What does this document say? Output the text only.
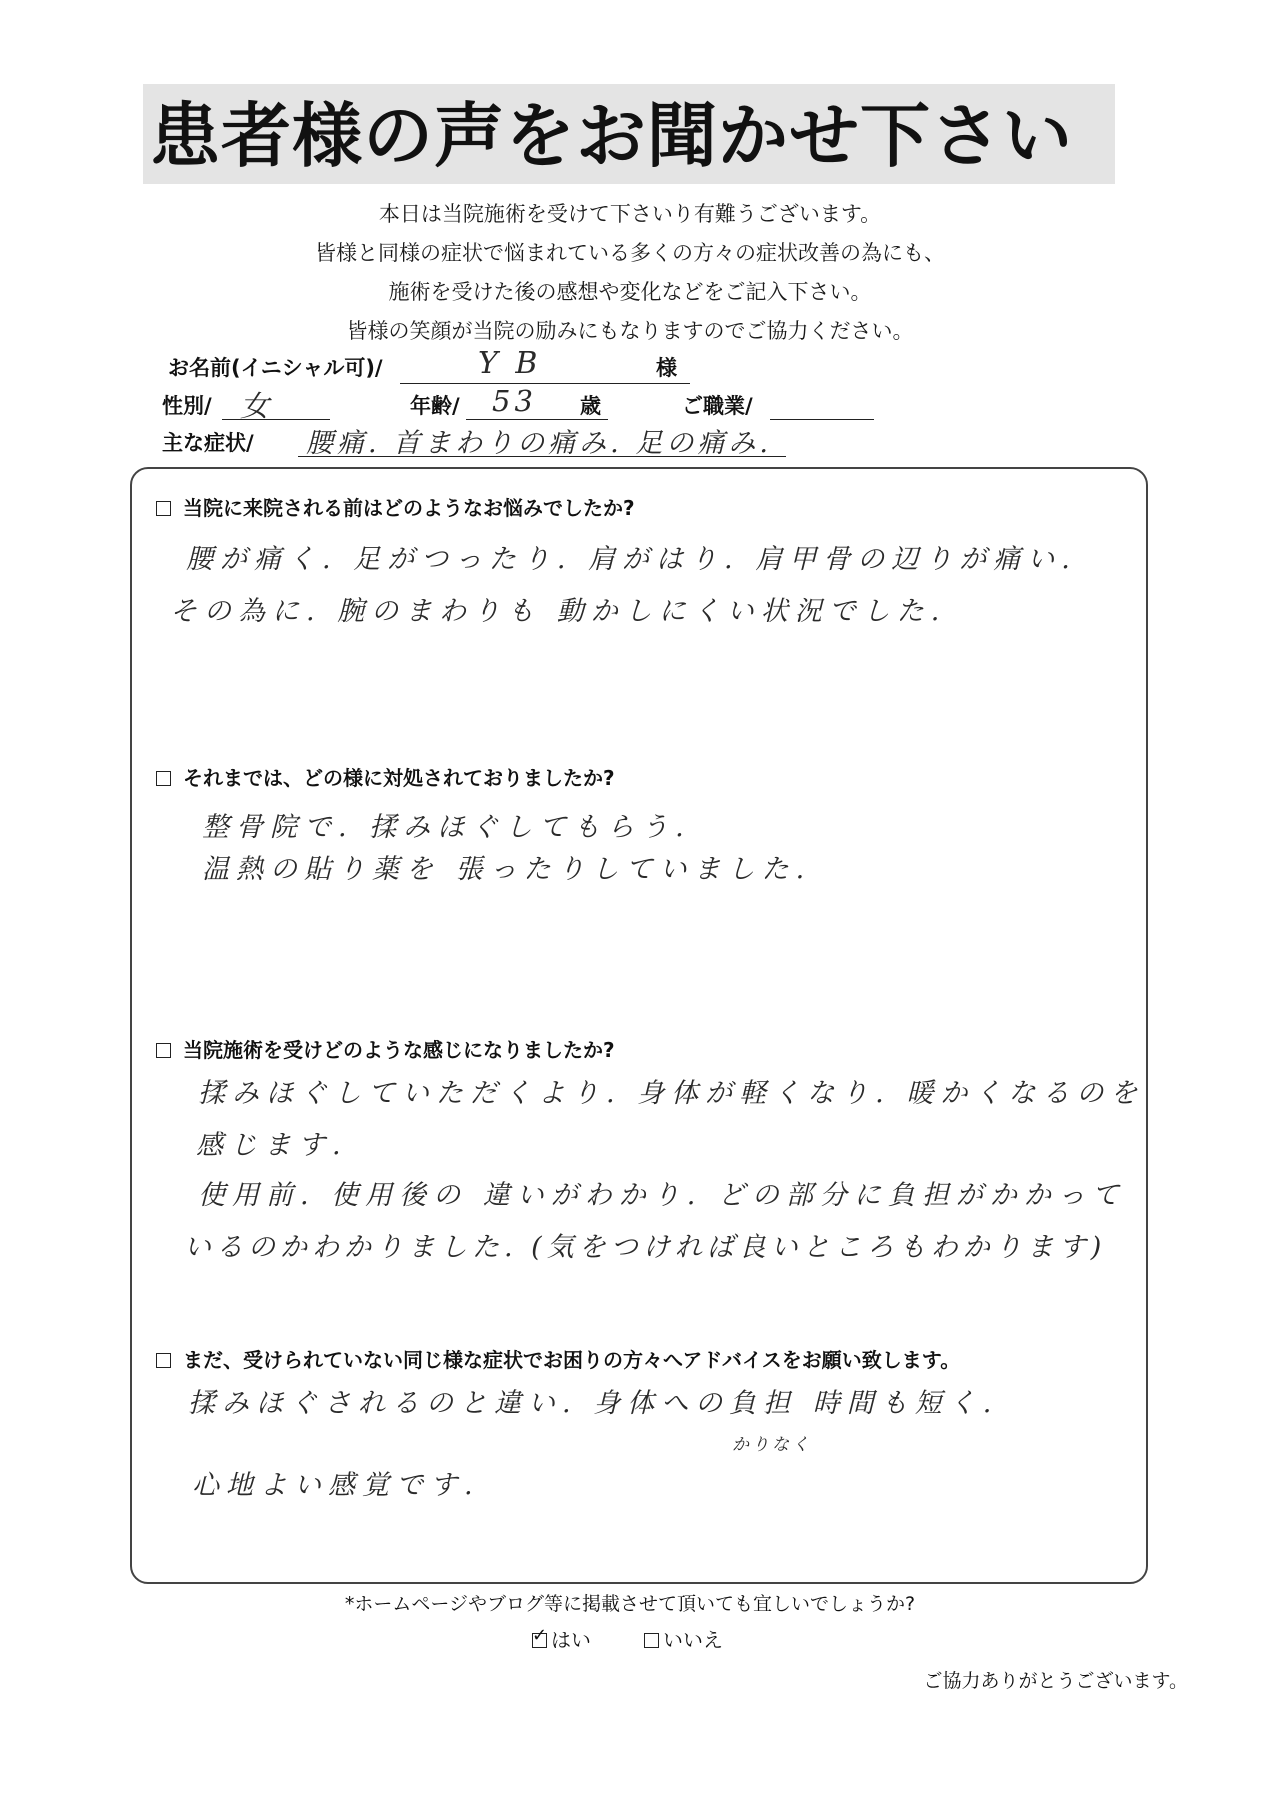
患者様の声をお聞かせ下さい
本日は当院施術を受けて下さいり有難うございます。
皆様と同様の症状で悩まれている多くの方々の症状改善の為にも、
施術を受けた後の感想や変化などをご記入下さい。
皆様の笑顔が当院の励みにもなりますのでご協力ください。
お名前(イニシャル可)/	Y B	様
性別/ 女	年齢/ 53 歳	ご職業/
主な症状/ 腰痛. 首まわりの痛み. 足の痛み.
当院に来院される前はどのようなお悩みでしたか?
腰が痛く. 足がつったり. 肩がはり. 肩甲骨の辺りが痛い.
その為に. 腕のまわりも 動かしにくい状況でした.
それまでは、どの様に対処されておりましたか?
整骨院で. 揉みほぐしてもらう.
温熱の貼り薬を 張ったりしていました.
当院施術を受けどのような感じになりましたか?
揉みほぐしていただくより. 身体が軽くなり. 暖かくなるのを
感じます.
使用前. 使用後の 違いがわかり. どの部分に負担がかかって
いるのかわかりました. (気をつければ良いところもわかります)
まだ、受けられていない同じ様な症状でお困りの方々へアドバイスをお願い致します。
揉みほぐされるのと違い. 身体への負担 時間も短く.
かりなく
心地よい感覚です.
*ホームページやブログ等に掲載させて頂いても宜しいでしょうか?
✓ はい	いいえ
ご協力ありがとうございます。
